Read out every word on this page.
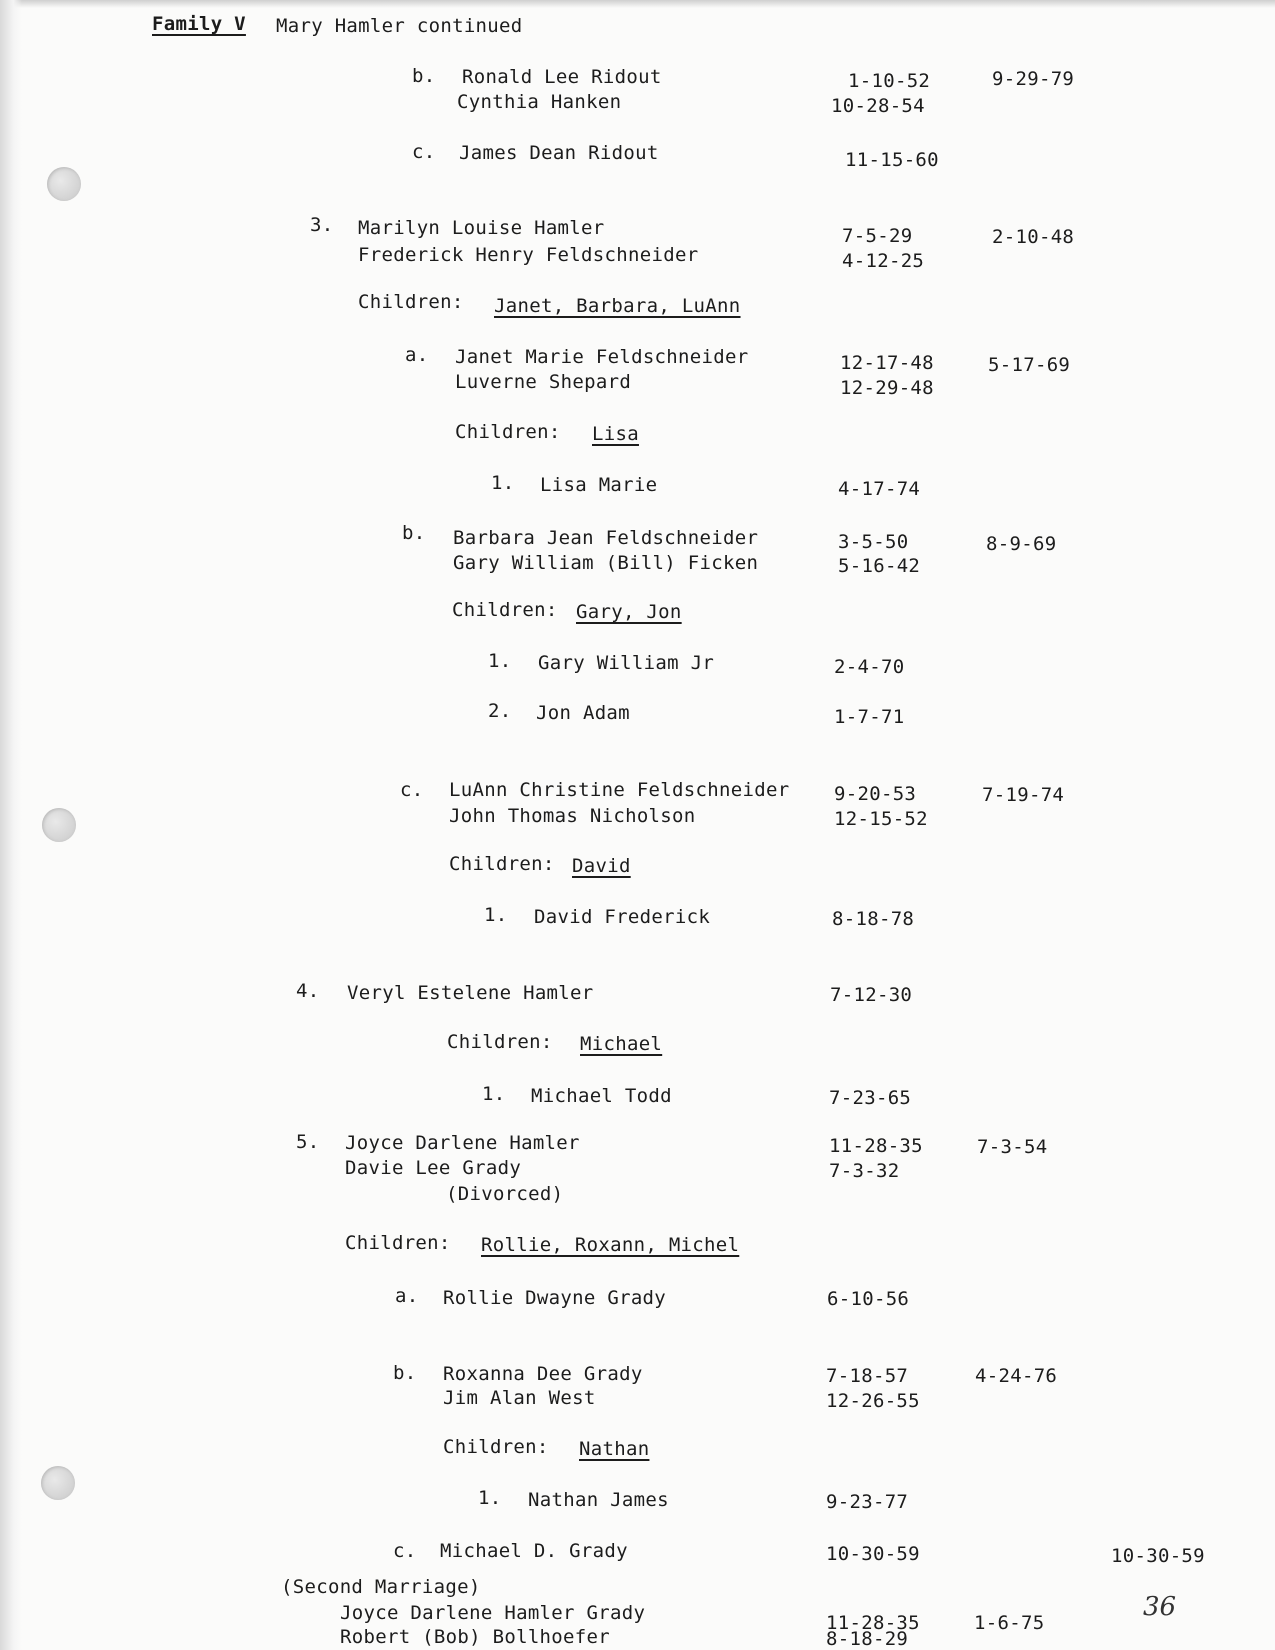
Family V Mary Hamler continued
b. Ronald Lee Ridout	1-10-52	9-29-79
Cynthia Hanken	10-28-54
c. James Dean Ridout	11-15-60
3. Marilyn Louise Hamler	7-5-29	2-10-48
Frederick Henry Feldschneider	4-12-25
Children: Janet, Barbara, LuAnn
a. Janet Marie Feldschneider	12-17-48	5-17-69
Luverne Shepard	12-29-48
Children: Lisa
1. Lisa Marie	4-17-74
b. Barbara Jean Feldschneider	3-5-50	8-9-69
Gary William (Bill) Ficken	5-16-42
Children: Gary, Jon
1. Gary William Jr	2-4-70
2. Jon Adam	1-7-71
c. LuAnn Christine Feldschneider 9-20-53	7-19-74
John Thomas Nicholson	12-15-52
Children: David
1. David Frederick	8-18-78
4. Veryl Estelene Hamler	7-12-30
Children: Michael
1. Michael Todd	7-23-65
5. Joyce Darlene Hamler	11-28-35	7-3-54
Davie Lee Grady	7-3-32
(Divorced)
Children: Rollie, Roxann, Michel
a. Rollie Dwayne Grady	6-10-56
b. Roxanna Dee Grady	7-18-57	4-24-76
Jim Alan West	12-26-55
Children: Nathan
1. Nathan James	9-23-77
c. Michael D. Grady	10-30-59	10-30-59
(Second Marriage)
Joyce Darlene Hamler Grady	11-28-35	1-6-75
Robert (Bob) Bollhoefer	8-18-29
36
